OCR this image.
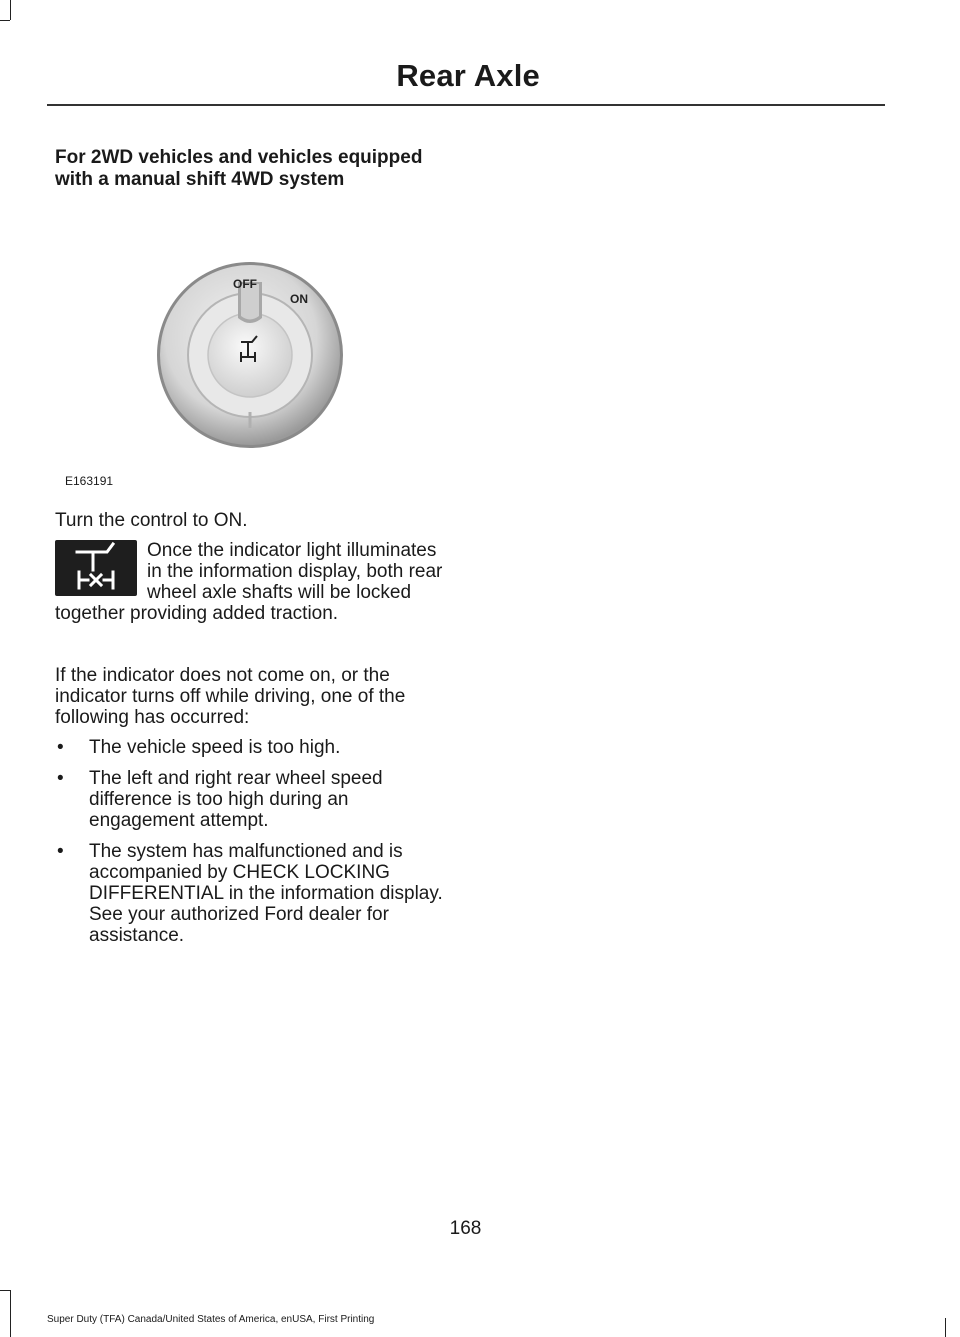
Rear Axle
For 2WD vehicles and vehicles equipped with a manual shift 4WD system
OFF
ON
E163191
Turn the control to ON.
Once the indicator light illuminates in the information display, both rear wheel axle shafts will be locked together providing added traction.
If the indicator does not come on, or the indicator turns off while driving, one of the following has occurred:
• The vehicle speed is too high.
• The left and right rear wheel speed difference is too high during an engagement attempt.
• The system has malfunctioned and is accompanied by CHECK LOCKING DIFFERENTIAL in the information display. See your authorized Ford dealer for assistance.
168
Super Duty (TFA) Canada/United States of America, enUSA, First Printing
